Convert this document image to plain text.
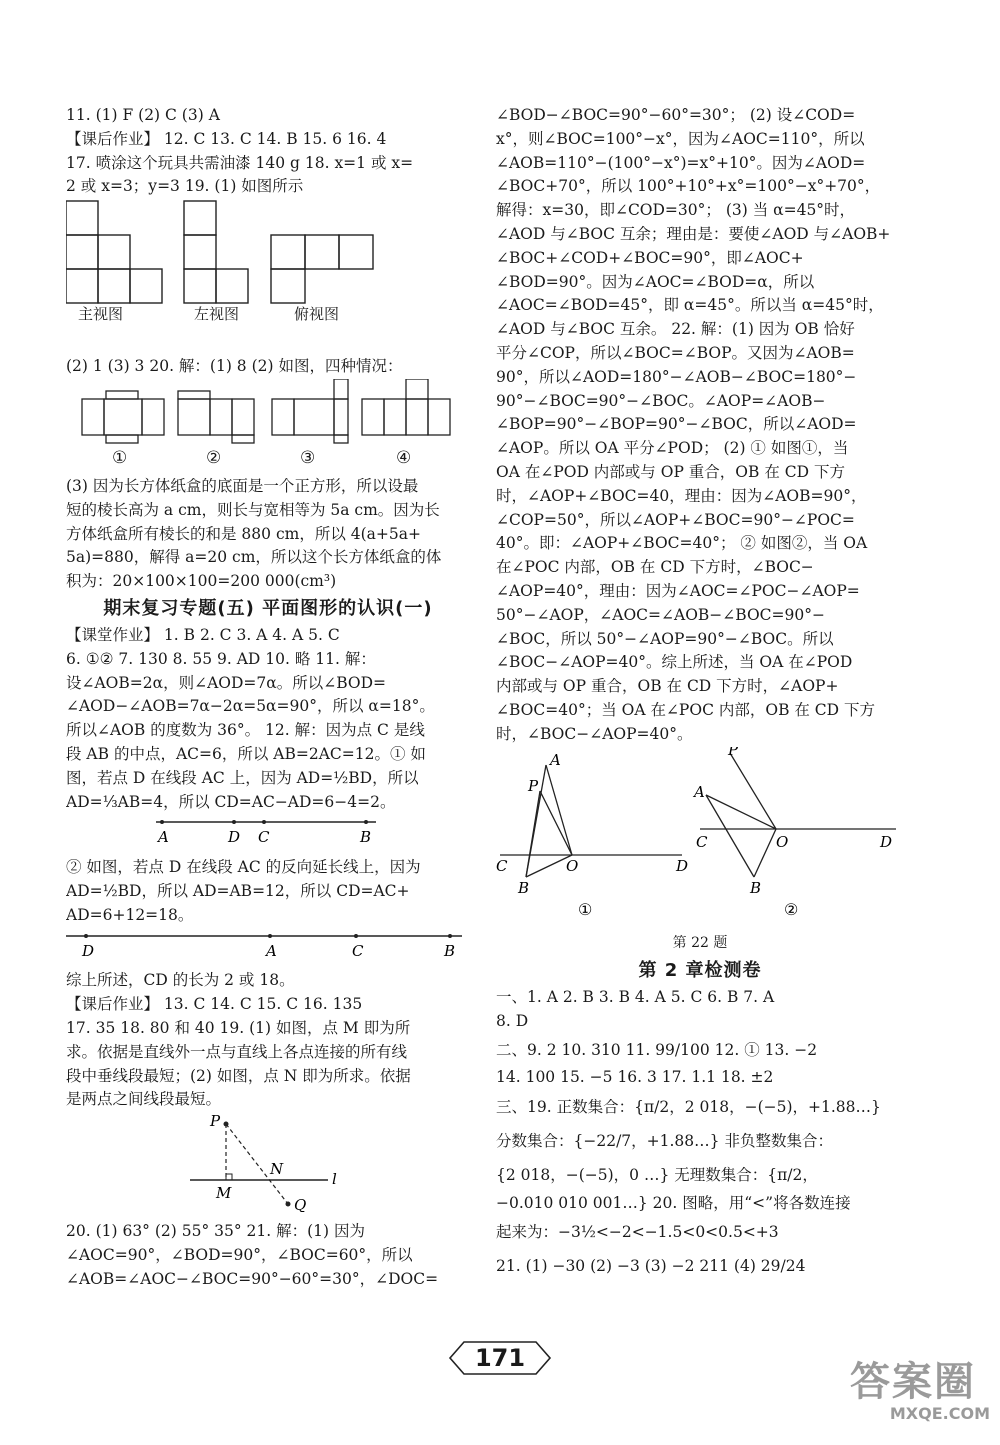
11. (1) F (2) C (3) A
【课后作业】 12. C 13. C 14. B 15. 6 16. 4
17. 喷涂这个玩具共需油漆 140 g 18. x=1 或 x=
2 或 x=3；y=3 19. (1) 如图所示
主视图	左视图	俯视图
(2) 1 (3) 3 20. 解：(1) 8 (2) 如图，四种情况：
①	②	③	④
(3) 因为长方体纸盒的底面是一个正方形，所以设最
短的棱长高为 a cm，则长与宽相等为 5a cm。因为长
方体纸盒所有棱长的和是 880 cm，所以 4(a+5a+
5a)=880，解得 a=20 cm，所以这个长方体纸盒的体
积为：20×100×100=200 000(cm³)
期末复习专题(五) 平面图形的认识(一)
【课堂作业】 1. B 2. C 3. A 4. A 5. C
6. ①② 7. 130 8. 55 9. AD 10. 略 11. 解：
设∠AOB=2α，则∠AOD=7α。所以∠BOD=
∠AOD−∠AOB=7α−2α=5α=90°，所以 α=18°。
所以∠AOB 的度数为 36°。 12. 解：因为点 C 是线
段 AB 的中点，AC=6，所以 AB=2AC=12。① 如
图，若点 D 在线段 AC 上，因为 AD=½BD，所以
AD=⅓AB=4，所以 CD=AC−AD=6−4=2。
A	D C	B
② 如图，若点 D 在线段 AC 的反向延长线上，因为
AD=½BD，所以 AD=AB=12，所以 CD=AC+
AD=6+12=18。
D	A	C	B
综上所述，CD 的长为 2 或 18。
【课后作业】 13. C 14. C 15. C 16. 135
17. 35 18. 80 和 40 19. (1) 如图，点 M 即为所
求。依据是直线外一点与直线上各点连接的所有线
段中垂线段最短；(2) 如图，点 N 即为所求。依据
是两点之间线段最短。
P
N
M
l
Q
20. (1) 63° (2) 55° 35° 21. 解：(1) 因为
∠AOC=90°，∠BOD=90°，∠BOC=60°，所以
∠AOB=∠AOC−∠BOC=90°−60°=30°，∠DOC=
∠BOD−∠BOC=90°−60°=30°； (2) 设∠COD=
x°，则∠BOC=100°−x°，因为∠AOC=110°，所以
∠AOB=110°−(100°−x°)=x°+10°。因为∠AOD=
∠BOC+70°，所以 100°+10°+x°=100°−x°+70°，
解得：x=30，即∠COD=30°； (3) 当 α=45°时，
∠AOD 与∠BOC 互余；理由是：要使∠AOD 与∠AOB+
∠BOC+∠COD+∠BOC=90°，即∠AOC+
∠BOD=90°。因为∠AOC=∠BOD=α，所以
∠AOC=∠BOD=45°，即 α=45°。所以当 α=45°时，
∠AOD 与∠BOC 互余。 22. 解：(1) 因为 OB 恰好
平分∠COP，所以∠BOC=∠BOP。又因为∠AOB=
90°，所以∠AOD=180°−∠AOB−∠BOC=180°−
90°−∠BOC=90°−∠BOC。∠AOP=∠AOB−
∠BOP=90°−∠BOP=90°−∠BOC，所以∠AOD=
∠AOP。所以 OA 平分∠POD； (2) ① 如图①，当
OA 在∠POD 内部或与 OP 重合，OB 在 CD 下方
时，∠AOP+∠BOC=40，理由：因为∠AOB=90°，
∠COP=50°，所以∠AOP+∠BOC=90°−∠POC=
40°。即：∠AOP+∠BOC=40°； ② 如图②，当 OA
在∠POC 内部，OB 在 CD 下方时，∠BOC−
∠AOP=40°，理由：因为∠AOC=∠POC−∠AOP=
50°−∠AOP，∠AOC=∠AOB−∠BOC=90°−
∠BOC，所以 50°−∠AOP=90°−∠BOC。所以
∠BOC−∠AOP=40°。综上所述，当 OA 在∠POD
内部或与 OP 重合，OB 在 CD 下方时，∠AOP+
∠BOC=40°；当 OA 在∠POC 内部，OB 在 CD 下方
时，∠BOC−∠AOP=40°。
A
P
C	O	D
B
①
P
A
C	O	D
B
②
第 22 题
第 2 章检测卷
一、1. A 2. B 3. B 4. A 5. C 6. B 7. A
8. D
二、9. 2 10. 310 11. 99/100 12. ① 13. −2
14. 100 15. −5 16. 3 17. 1.1 18. ±2
三、19. 正数集合：{π/2，2 018，−(−5)，+1.88…}
分数集合：{−22/7，+1.88…} 非负整数集合：
{2 018，−(−5)，0 …} 无理数集合：{π/2，
−0.010 010 001…} 20. 图略，用“<”将各数连接
起来为：−3½<−2<−1.5<0<0.5<+3
21. (1) −30 (2) −3 (3) −2 211 (4) 29/24
171
答案圈
MXQE.COM
